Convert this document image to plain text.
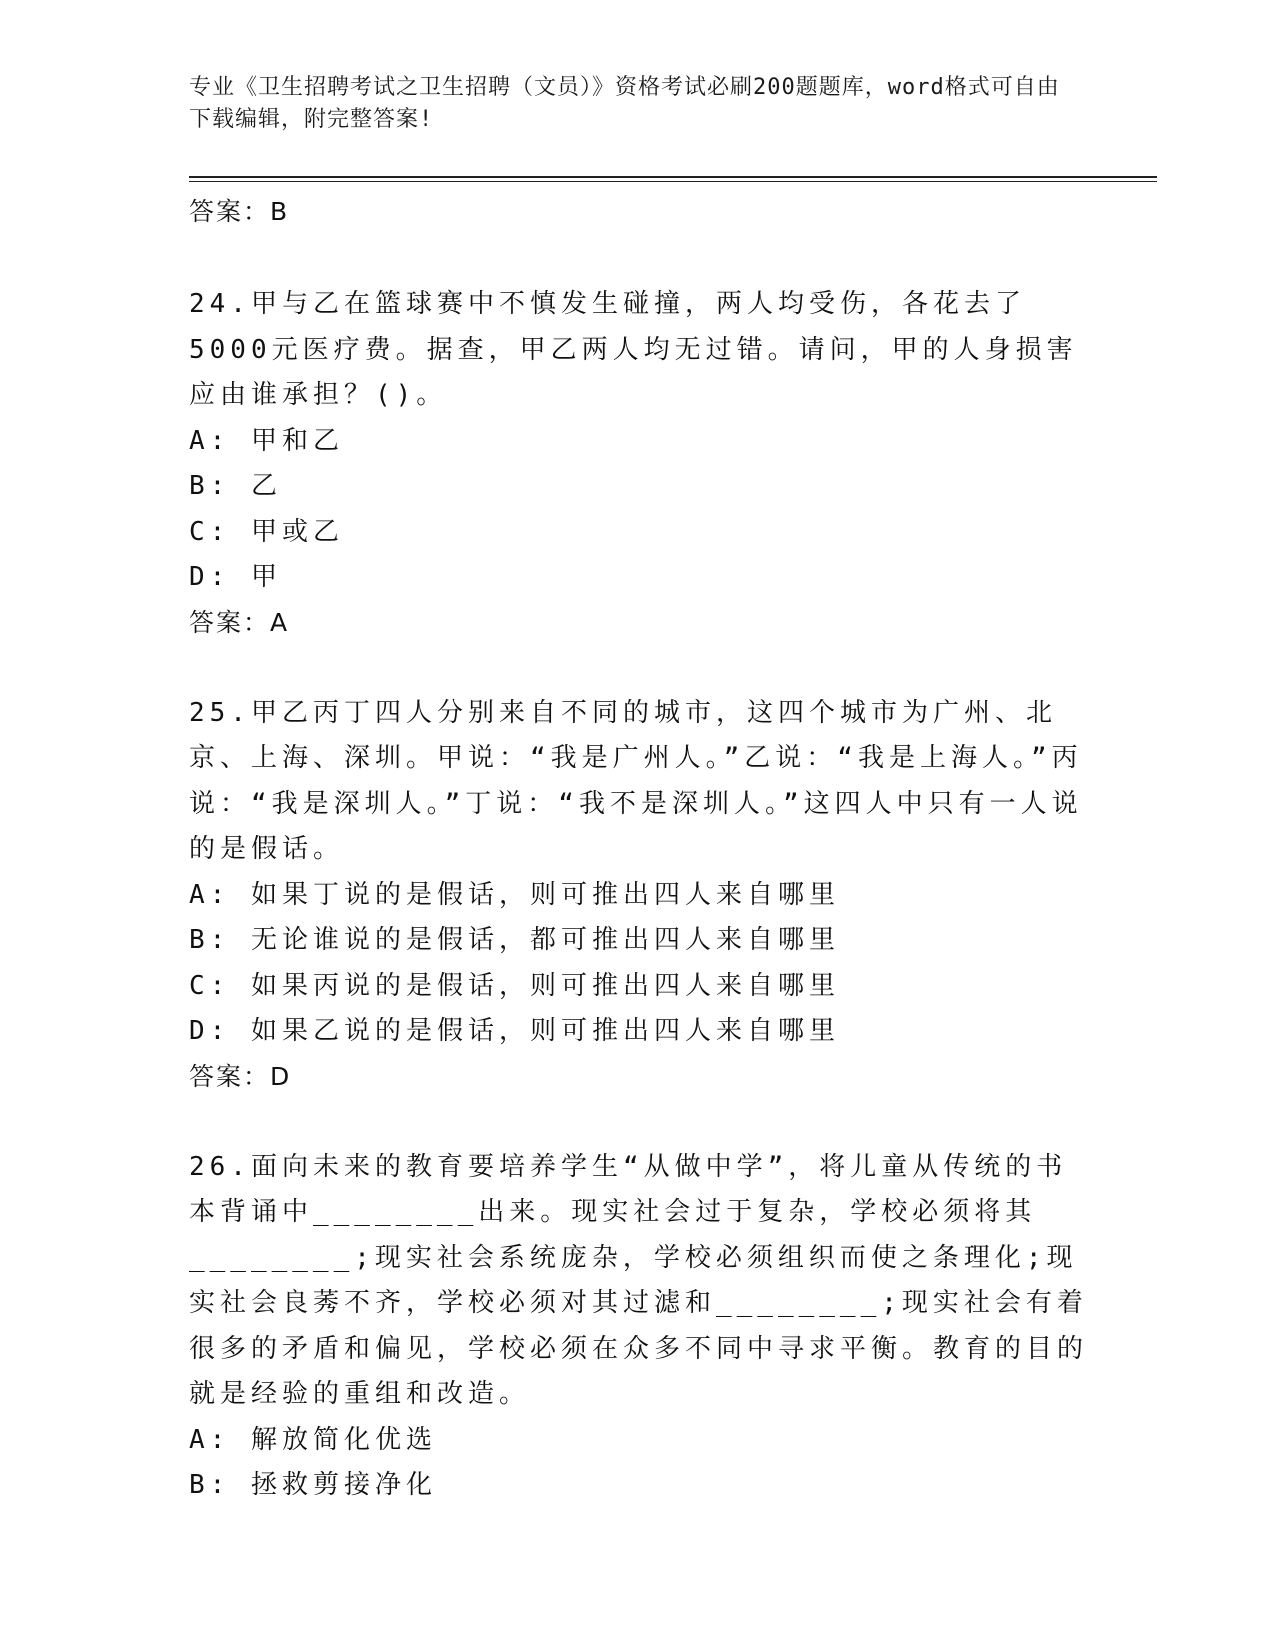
专业《卫生招聘考试之卫生招聘（文员）》资格考试必刷200题题库，word格式可自由下载编辑，附完整答案!

答案：B

24.甲与乙在篮球赛中不慎发生碰撞，两人均受伤，各花去了5000元医疗费。据查，甲乙两人均无过错。请问，甲的人身损害应由谁承担？()。

A: 甲和乙

B: 乙

C: 甲或乙

D: 甲

答案：A

25.甲乙丙丁四人分别来自不同的城市，这四个城市为广州、北京、上海、深圳。甲说：“我是广州人。”乙说：“我是上海人。”丙说：“我是深圳人。”丁说：“我不是深圳人。”这四人中只有一人说的是假话。

A: 如果丁说的是假话，则可推出四人来自哪里

B: 无论谁说的是假话，都可推出四人来自哪里

C: 如果丙说的是假话，则可推出四人来自哪里

D: 如果乙说的是假话，则可推出四人来自哪里

答案：D

26.面向未来的教育要培养学生“从做中学”，将儿童从传统的书本背诵中________出来。现实社会过于复杂，学校必须将其________;现实社会系统庞杂，学校必须组织而使之条理化;现实社会良莠不齐，学校必须对其过滤和________;现实社会有着很多的矛盾和偏见，学校必须在众多不同中寻求平衡。教育的目的就是经验的重组和改造。

A: 解放简化优选

B: 拯救剪接净化
